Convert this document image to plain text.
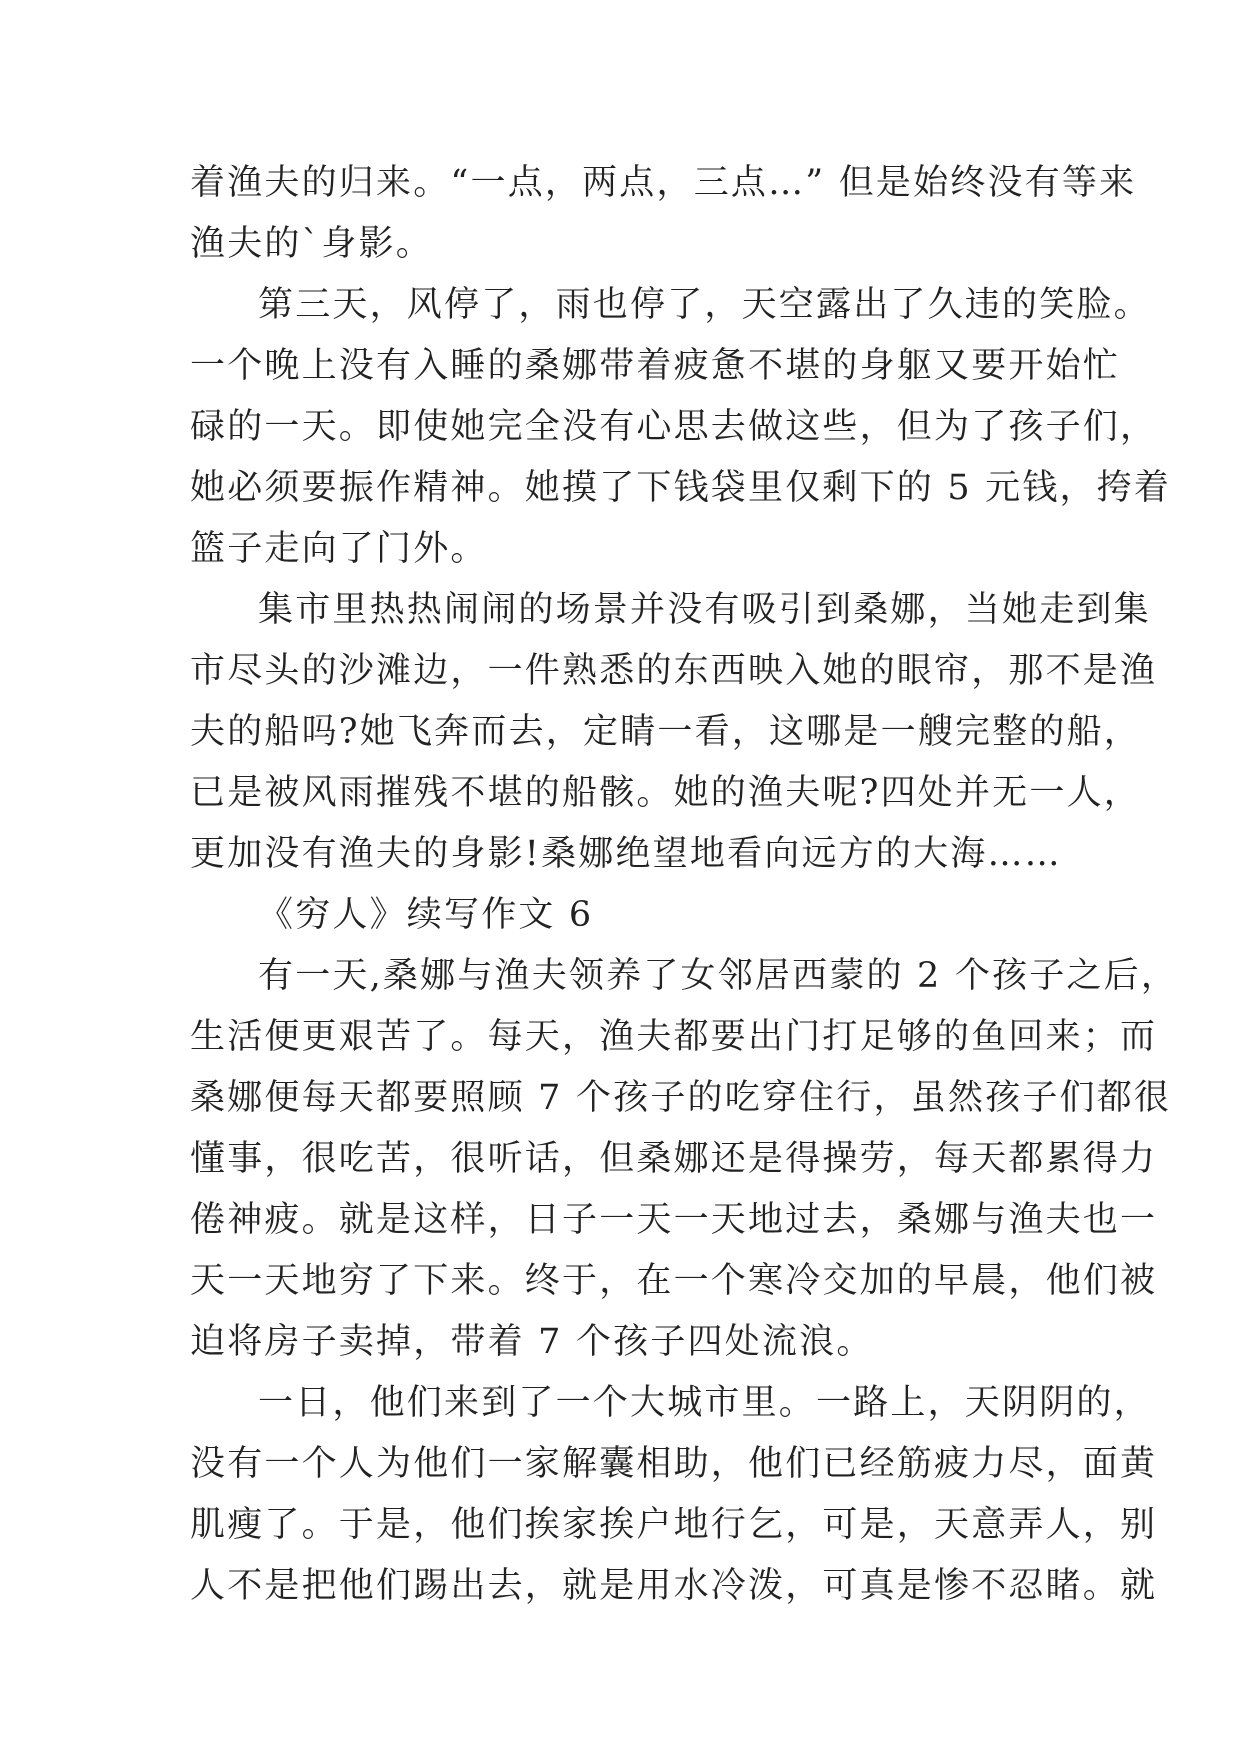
着渔夫的归来。“一点，两点，三点…” 但是始终没有等来
渔夫的`身影。
第三天，风停了，雨也停了，天空露出了久违的笑脸。
一个晚上没有入睡的桑娜带着疲惫不堪的身躯又要开始忙
碌的一天。即使她完全没有心思去做这些，但为了孩子们，
她必须要振作精神。她摸了下钱袋里仅剩下的 5 元钱，挎着
篮子走向了门外。
集市里热热闹闹的场景并没有吸引到桑娜，当她走到集
市尽头的沙滩边，一件熟悉的东西映入她的眼帘，那不是渔
夫的船吗?她飞奔而去，定睛一看，这哪是一艘完整的船，
已是被风雨摧残不堪的船骸。她的渔夫呢?四处并无一人，
更加没有渔夫的身影!桑娜绝望地看向远方的大海……
《穷人》续写作文 6
有一天,桑娜与渔夫领养了女邻居西蒙的 2 个孩子之后，
生活便更艰苦了。每天，渔夫都要出门打足够的鱼回来；而
桑娜便每天都要照顾 7 个孩子的吃穿住行，虽然孩子们都很
懂事，很吃苦，很听话，但桑娜还是得操劳，每天都累得力
倦神疲。就是这样，日子一天一天地过去，桑娜与渔夫也一
天一天地穷了下来。终于，在一个寒冷交加的早晨，他们被
迫将房子卖掉，带着 7 个孩子四处流浪。
一日，他们来到了一个大城市里。一路上，天阴阴的，
没有一个人为他们一家解囊相助，他们已经筋疲力尽，面黄
肌瘦了。于是，他们挨家挨户地行乞，可是，天意弄人，别
人不是把他们踢出去，就是用水冷泼，可真是惨不忍睹。就
